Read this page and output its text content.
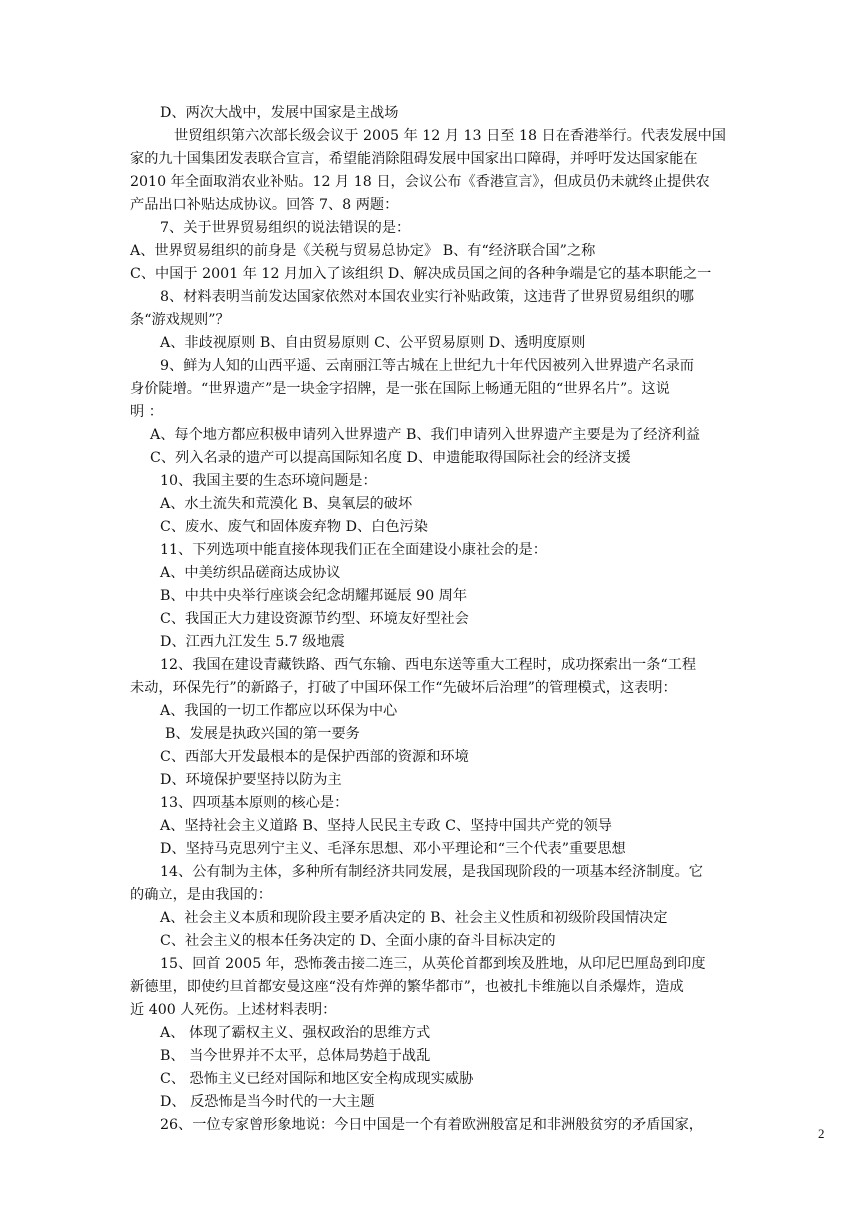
D、两次大战中，发展中国家是主战场
世贸组织第六次部长级会议于 2005 年 12 月 13 日至 18 日在香港举行。代表发展中国
家的九十国集团发表联合宣言，希望能消除阻碍发展中国家出口障碍，并呼吁发达国家能在
2010 年全面取消农业补贴。12 月 18 日，会议公布《香港宣言》，但成员仍未就终止提供农
产品出口补贴达成协议。回答 7、8 两题：
7、关于世界贸易组织的说法错误的是：
A、世界贸易组织的前身是《关税与贸易总协定》 B、有“经济联合国”之称
C、中国于 2001 年 12 月加入了该组织 D、解决成员国之间的各种争端是它的基本职能之一
8、材料表明当前发达国家依然对本国农业实行补贴政策，这违背了世界贸易组织的哪
条“游戏规则”？
A、非歧视原则 B、自由贸易原则 C、公平贸易原则 D、透明度原则
9、鲜为人知的山西平遥、云南丽江等古城在上世纪九十年代因被列入世界遗产名录而
身价陡增。“世界遗产”是一块金字招牌，是一张在国际上畅通无阻的“世界名片”。这说
明 ：
A、每个地方都应积极申请列入世界遗产 B、我们申请列入世界遗产主要是为了经济利益
C、列入名录的遗产可以提高国际知名度 D、申遗能取得国际社会的经济支援
10、我国主要的生态环境问题是：
A、水土流失和荒漠化 B、臭氧层的破坏
C、废水、废气和固体废弃物 D、白色污染
11、下列选项中能直接体现我们正在全面建设小康社会的是：
A、中美纺织品磋商达成协议
B、中共中央举行座谈会纪念胡耀邦诞辰 90 周年
C、我国正大力建设资源节约型、环境友好型社会
D、江西九江发生 5.7 级地震
12、我国在建设青藏铁路、西气东输、西电东送等重大工程时，成功探索出一条“工程
未动，环保先行”的新路子，打破了中国环保工作“先破坏后治理”的管理模式，这表明：
A、我国的一切工作都应以环保为中心
B、发展是执政兴国的第一要务
C、西部大开发最根本的是保护西部的资源和环境
D、环境保护要坚持以防为主
13、四项基本原则的核心是：
A、坚持社会主义道路 B、坚持人民民主专政 C、坚持中国共产党的领导
D、坚持马克思列宁主义、毛泽东思想、邓小平理论和“三个代表”重要思想
14、公有制为主体，多种所有制经济共同发展，是我国现阶段的一项基本经济制度。它
的确立，是由我国的：
A、社会主义本质和现阶段主要矛盾决定的 B、社会主义性质和初级阶段国情决定
C、社会主义的根本任务决定的 D、全面小康的奋斗目标决定的
15、回首 2005 年，恐怖袭击接二连三，从英伦首都到埃及胜地，从印尼巴厘岛到印度
新德里，即使约旦首都安曼这座“没有炸弹的繁华都市”，也被扎卡维施以自杀爆炸，造成
近 400 人死伤。上述材料表明：
A、 体现了霸权主义、强权政治的思维方式
B、 当今世界并不太平，总体局势趋于战乱
C、 恐怖主义已经对国际和地区安全构成现实威胁
D、 反恐怖是当今时代的一大主题
26、一位专家曾形象地说：今日中国是一个有着欧洲般富足和非洲般贫穷的矛盾国家，
2
